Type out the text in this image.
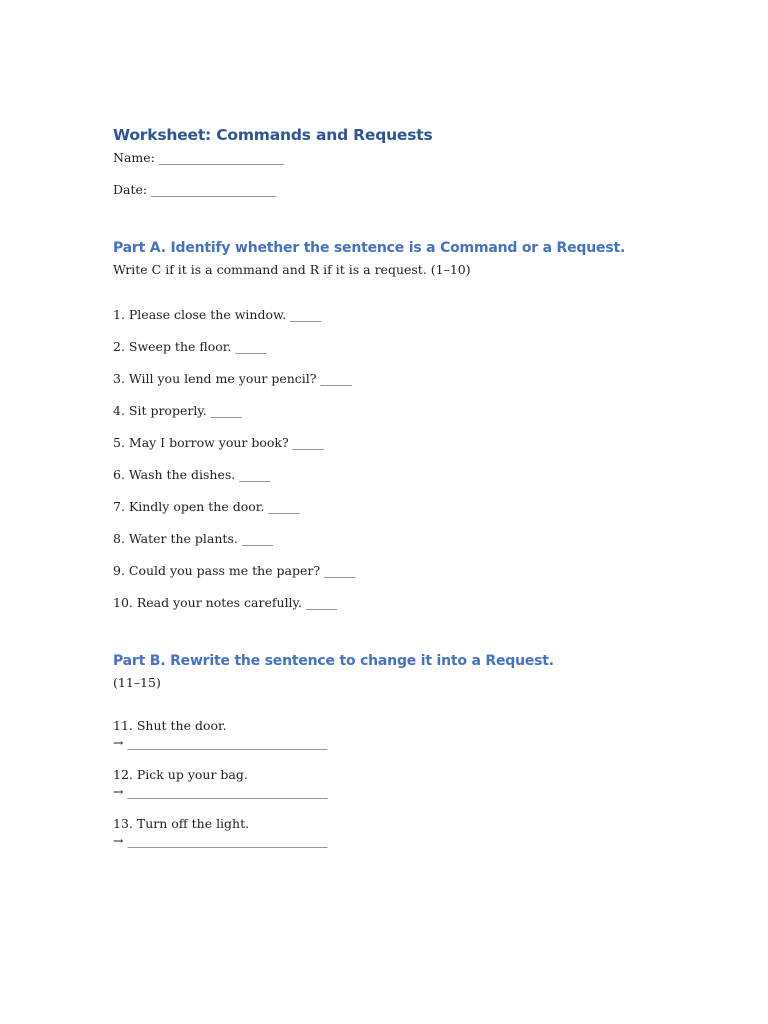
Worksheet: Commands and Requests
Name: ____________________
Date: ____________________
Part A. Identify whether the sentence is a Command or a Request.
Write C if it is a command and R if it is a request. (1–10)
1. Please close the window. _____
2. Sweep the floor. _____
3. Will you lend me your pencil? _____
4. Sit properly. _____
5. May I borrow your book? _____
6. Wash the dishes. _____
7. Kindly open the door. _____
8. Water the plants. _____
9. Could you pass me the paper? _____
10. Read your notes carefully. _____
Part B. Rewrite the sentence to change it into a Request.
(11–15)
11. Shut the door.
→ ________________________________
12. Pick up your bag.
→ ________________________________
13. Turn off the light.
→ ________________________________
